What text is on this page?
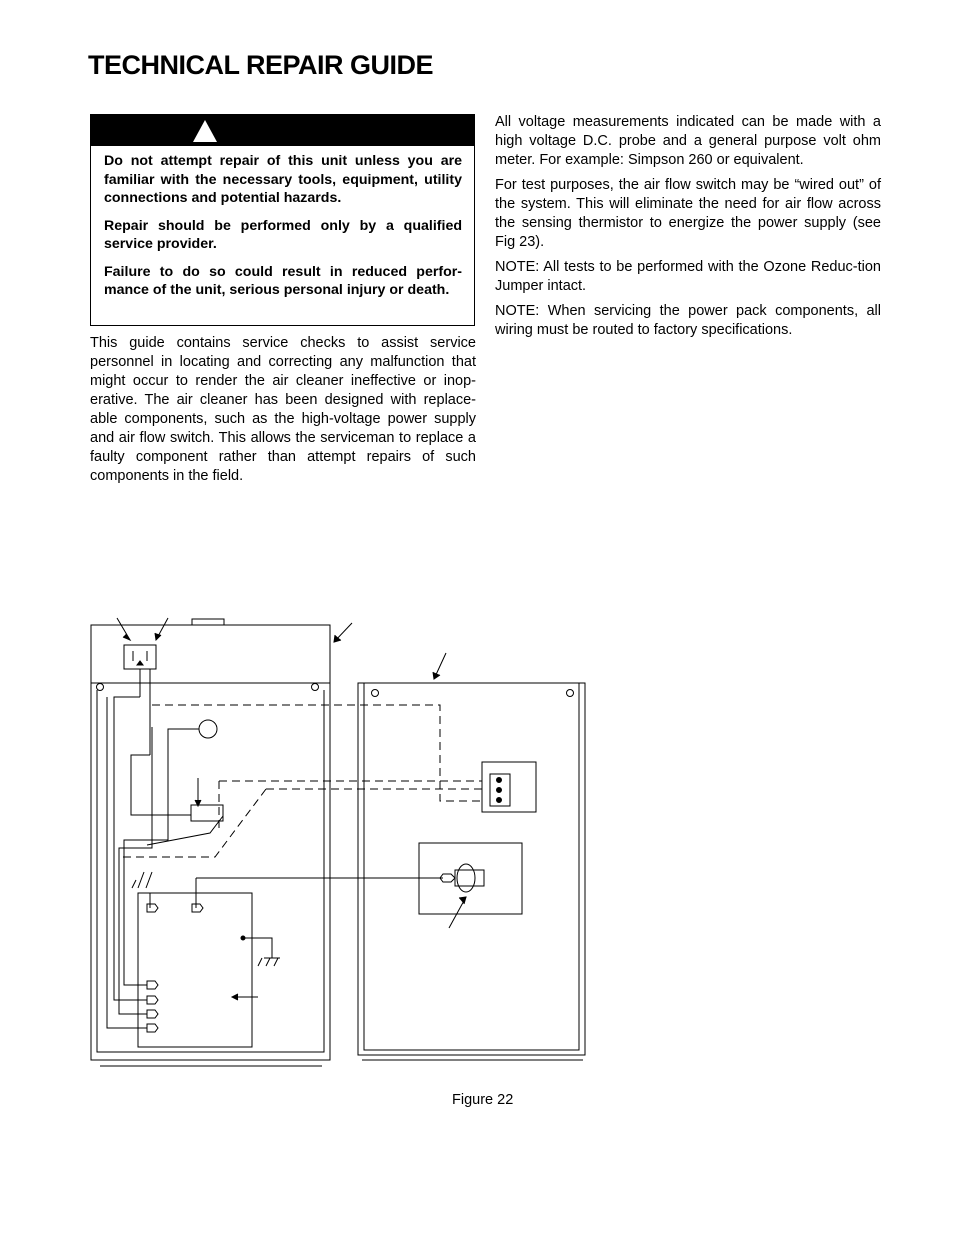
TECHNICAL REPAIR GUIDE

Do not attempt repair of this unit unless you are familiar with the necessary tools, equipment, utility connections and potential hazards.

Repair should be performed only by a qualified service provider.

Failure to do so could result in reduced perfor-mance of the unit, serious personal injury or death.

This guide contains service checks to assist service personnel in locating and correcting any malfunction that might occur to render the air cleaner ineffective or inop-erative. The air cleaner has been designed with replace-able components, such as the high-voltage power supply and air flow switch. This allows the serviceman to replace a faulty component rather than attempt repairs of such components in the field.

All voltage measurements indicated can be made with a high voltage D.C. probe and a general purpose volt ohm meter. For example: Simpson 260 or equivalent.

For test purposes, the air flow switch may be “wired out” of the system. This will eliminate the need for air flow across the sensing thermistor to energize the power supply (see Fig 23).

NOTE: All tests to be performed with the Ozone Reduc-tion Jumper intact.

NOTE: When servicing the power pack components, all wiring must be routed to factory specifications.

Figure 22
